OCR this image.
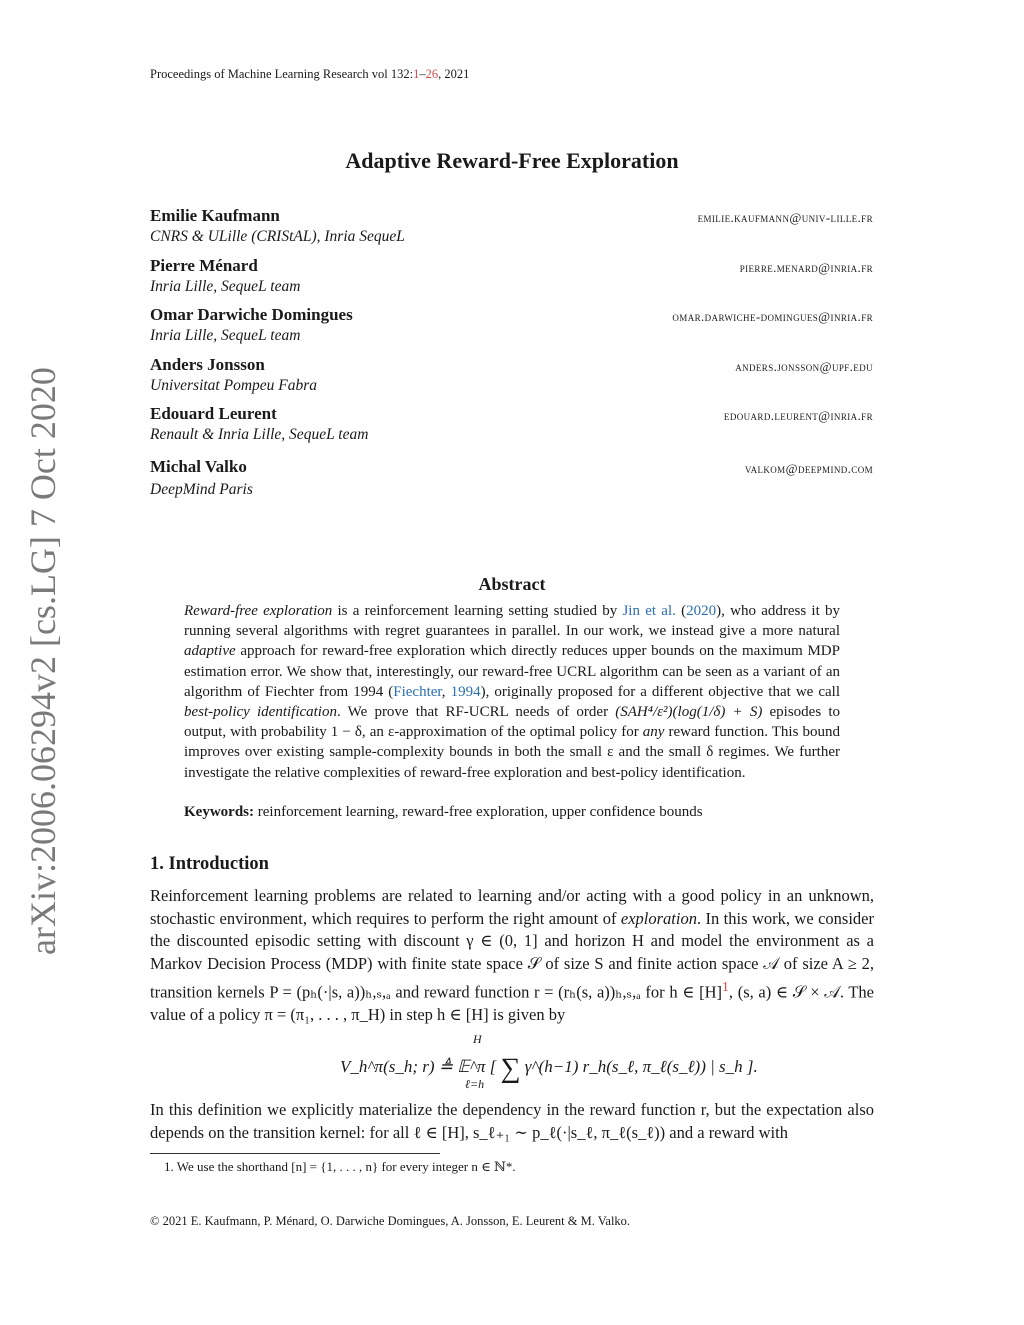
Proceedings of Machine Learning Research vol 132:1–26, 2021
arXiv:2006.06294v2 [cs.LG] 7 Oct 2020
Adaptive Reward-Free Exploration
Emilie Kaufmann	emilie.kaufmann@univ-lille.fr
CNRS & ULille (CRIStAL), Inria SequeL
Pierre Ménard	pierre.menard@inria.fr
Inria Lille, SequeL team
Omar Darwiche Domingues	omar.darwiche-domingues@inria.fr
Inria Lille, SequeL team
Anders Jonsson	anders.jonsson@upf.edu
Universitat Pompeu Fabra
Edouard Leurent	edouard.leurent@inria.fr
Renault & Inria Lille, SequeL team
Michal Valko	valkom@deepmind.com
DeepMind Paris
Abstract
Reward-free exploration is a reinforcement learning setting studied by Jin et al. (2020), who address it by running several algorithms with regret guarantees in parallel. In our work, we instead give a more natural adaptive approach for reward-free exploration which directly reduces upper bounds on the maximum MDP estimation error. We show that, interestingly, our reward-free UCRL algorithm can be seen as a variant of an algorithm of Fiechter from 1994 (Fiechter, 1994), originally proposed for a different objective that we call best-policy identification. We prove that RF-UCRL needs of order (SAH⁴/ε²)(log(1/δ) + S) episodes to output, with probability 1 − δ, an ε-approximation of the optimal policy for any reward function. This bound improves over existing sample-complexity bounds in both the small ε and the small δ regimes. We further investigate the relative complexities of reward-free exploration and best-policy identification.
Keywords: reinforcement learning, reward-free exploration, upper confidence bounds
1. Introduction
Reinforcement learning problems are related to learning and/or acting with a good policy in an unknown, stochastic environment, which requires to perform the right amount of exploration. In this work, we consider the discounted episodic setting with discount γ ∈ (0, 1] and horizon H and model the environment as a Markov Decision Process (MDP) with finite state space 𝒮 of size S and finite action space 𝒜 of size A ≥ 2, transition kernels P = (pₕ(·|s, a))ₕ,ₛ,ₐ and reward function r = (rₕ(s, a))ₕ,ₛ,ₐ for h ∈ $[H]^1$, (s, a) ∈ 𝒮 × 𝒜. The value of a policy π = (π₁, . . . , π_H) in step h ∈ [H] is given by
H
V_h^π(s_h; r) ≜ 𝔼^π [ ∑ γ^(h−1) r_h(s_ℓ, π_ℓ(s_ℓ)) | s_h ].
ℓ=h
In this definition we explicitly materialize the dependency in the reward function r, but the expectation also depends on the transition kernel: for all ℓ ∈ [H], s_ℓ₊₁ ∼ p_ℓ(·|s_ℓ, π_ℓ(s_ℓ)) and a reward with
1. We use the shorthand [n] = {1, . . . , n} for every integer n ∈ ℕ*.
© 2021 E. Kaufmann, P. Ménard, O. Darwiche Domingues, A. Jonsson, E. Leurent & M. Valko.
